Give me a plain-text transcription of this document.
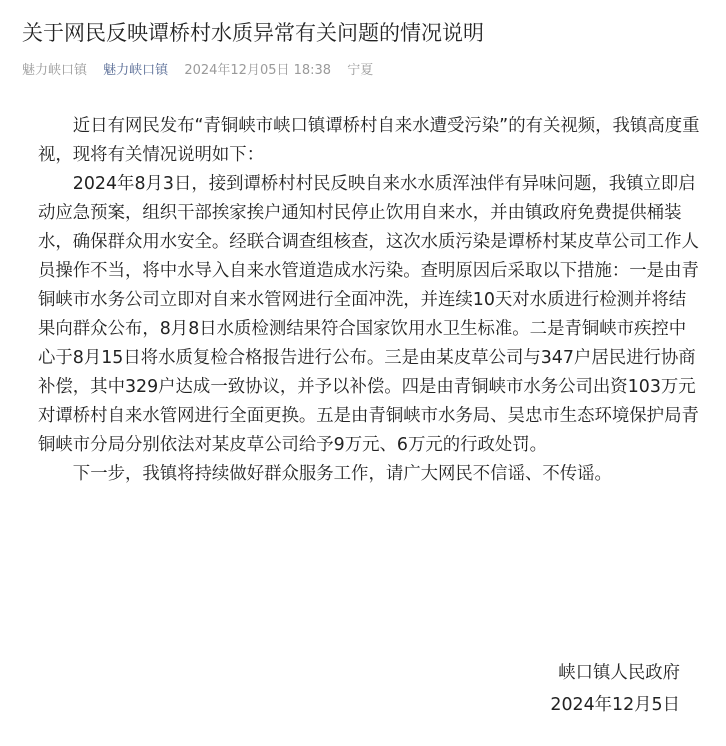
关于网民反映谭桥村水质异常有关问题的情况说明
魅力峡口镇 魅力峡口镇 2024年12月05日 18:38 宁夏

近日有网民发布“青铜峡市峡口镇谭桥村自来水遭受污染”的有关视频，我镇高度重视，现将有关情况说明如下：

2024年8月3日，接到谭桥村村民反映自来水水质浑浊伴有异味问题，我镇立即启动应急预案，组织干部挨家挨户通知村民停止饮用自来水，并由镇政府免费提供桶装水，确保群众用水安全。经联合调查组核查，这次水质污染是谭桥村某皮草公司工作人员操作不当，将中水导入自来水管道造成水污染。查明原因后采取以下措施：一是由青铜峡市水务公司立即对自来水管网进行全面冲洗，并连续10天对水质进行检测并将结果向群众公布，8月8日水质检测结果符合国家饮用水卫生标准。二是青铜峡市疾控中心于8月15日将水质复检合格报告进行公布。三是由某皮草公司与347户居民进行协商补偿，其中329户达成一致协议，并予以补偿。四是由青铜峡市水务公司出资103万元对谭桥村自来水管网进行全面更换。五是由青铜峡市水务局、吴忠市生态环境保护局青铜峡市分局分别依法对某皮草公司给予9万元、6万元的行政处罚。

下一步，我镇将持续做好群众服务工作，请广大网民不信谣、不传谣。

峡口镇人民政府
2024年12月5日
